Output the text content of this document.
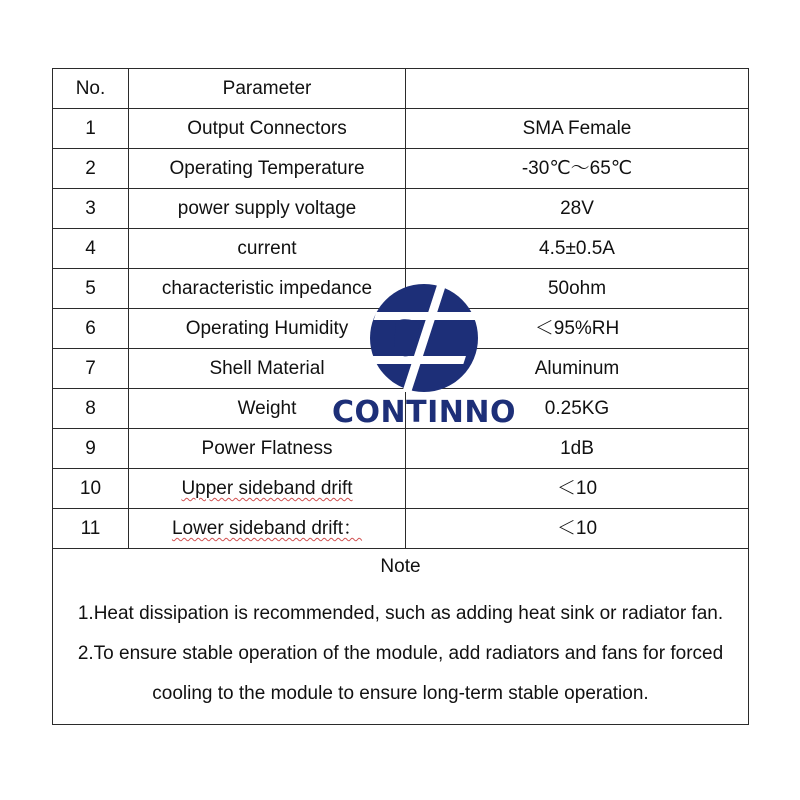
No.	Parameter	
1	Output Connectors	SMA Female
2	Operating Temperature	-30℃～65℃
3	power supply voltage	28V
4	current	4.5±0.5A
5	characteristic impedance	50ohm
6	Operating Humidity	＜95%RH
7	Shell Material	Aluminum
8	Weight	0.25KG
9	Power Flatness	1dB
10	Upper sideband drift	＜10
11	Lower sideband drift：	＜10

Note
1.Heat dissipation is recommended, such as adding heat sink or radiator fan.
2.To ensure stable operation of the module, add radiators and fans for forced
cooling to the module to ensure long-term stable operation.		
CONTINNO
